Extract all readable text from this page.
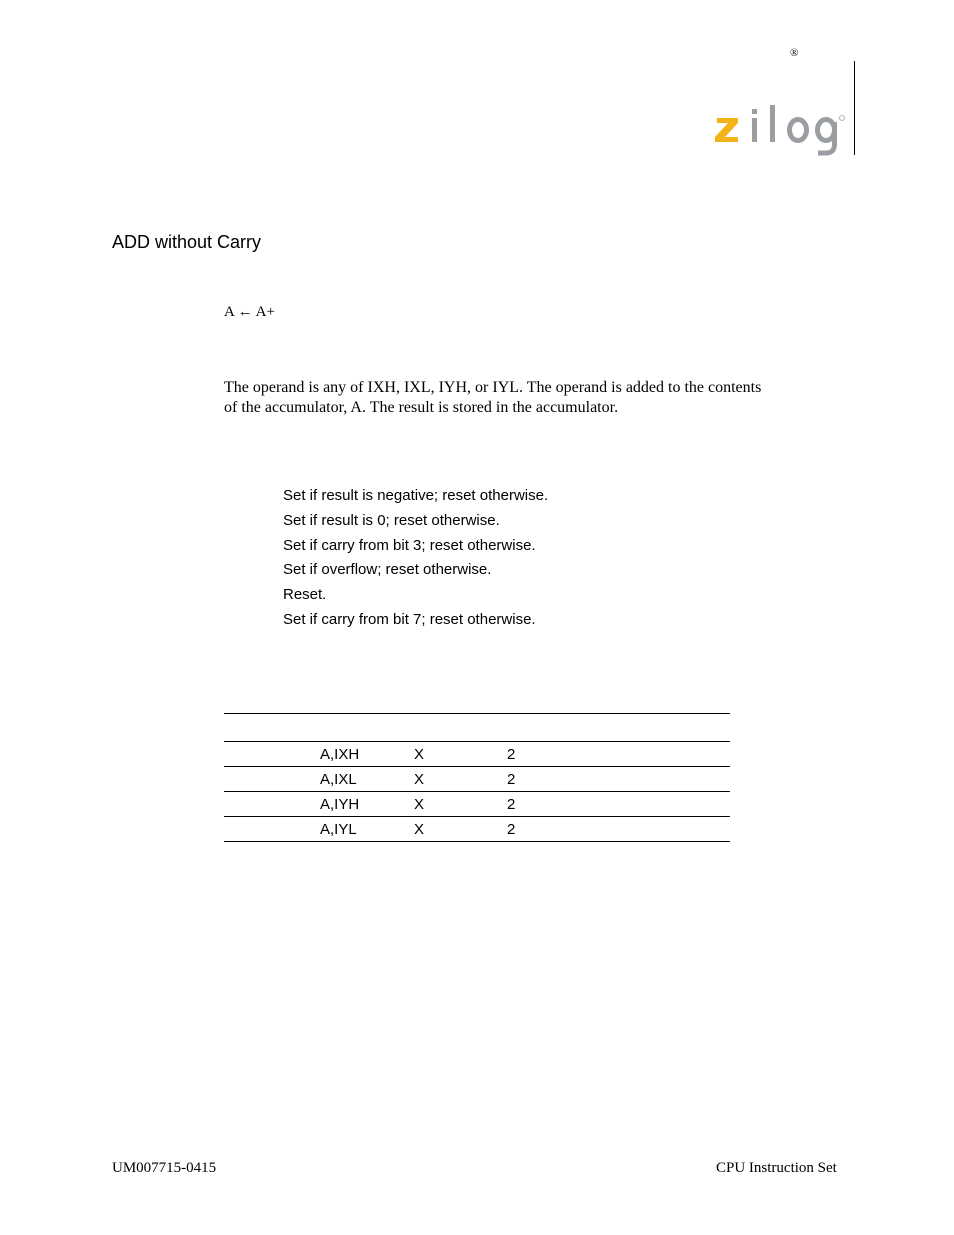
®
ADD without Carry
A ← A+

The operand is any of IXH, IXL, IYH, or IYL. The operand is added to the contents

of the accumulator, A. The result is stored in the accumulator.

Set if result is negative; reset otherwise.
Set if result is 0; reset otherwise.
Set if carry from bit 3; reset otherwise.
Set if overflow; reset otherwise.
Reset.
Set if carry from bit 7; reset otherwise.

	A,IXH	X	2
	A,IXL	X	2
	A,IYH	X	2
	A,IYL	X	2
UM007715-0415	CPU Instruction Set
